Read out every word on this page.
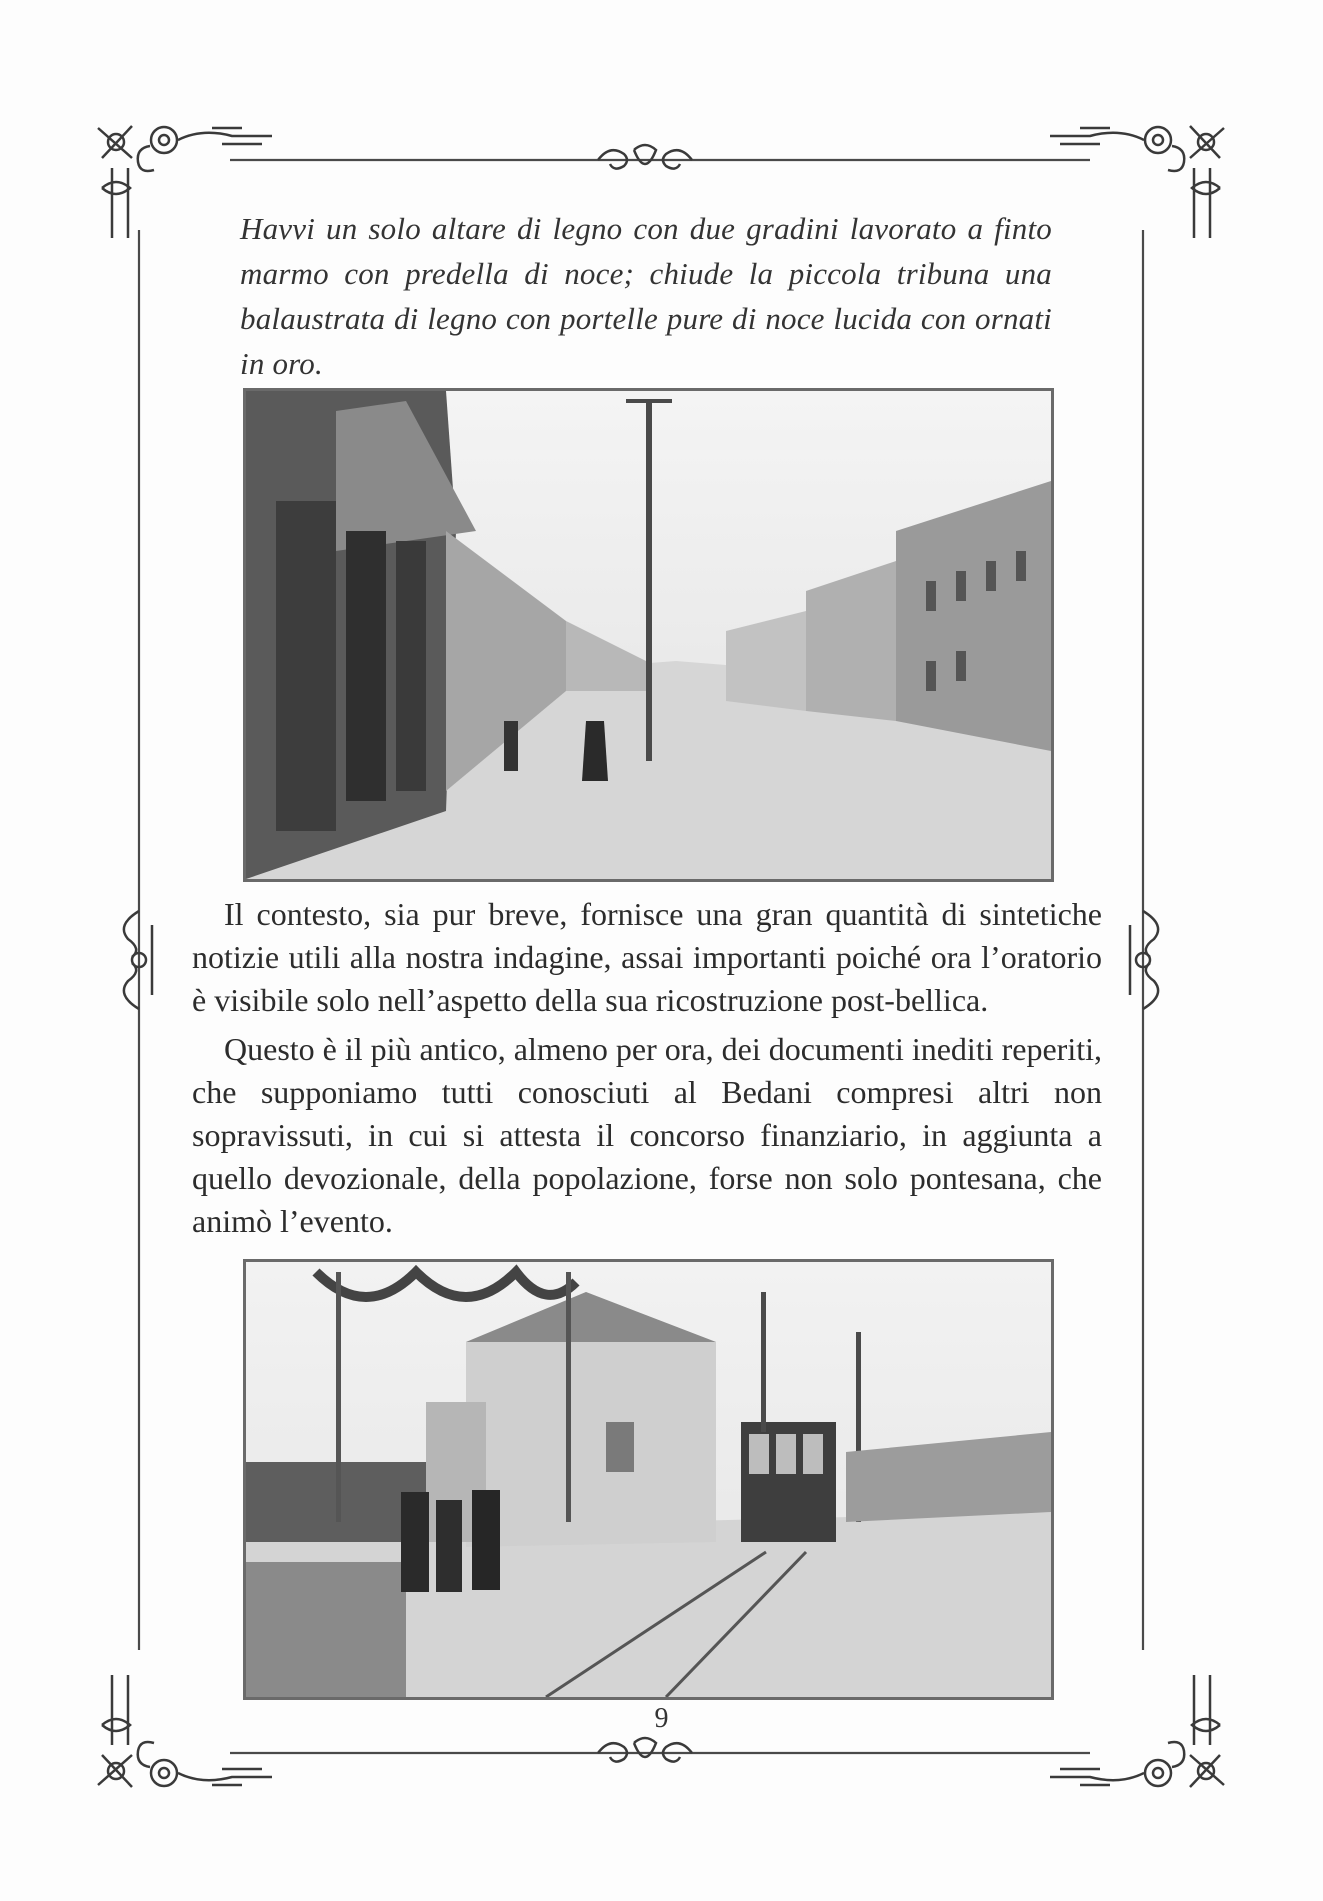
Havvi un solo altare di legno con due gradini lavorato a finto marmo con predella di noce; chiude la piccola tribuna una balaustrata di legno con portelle pure di noce lucida con ornati in oro.

Il contesto, sia pur breve, fornisce una gran quantità di sintetiche notizie utili alla nostra indagine, assai importanti poiché ora l’oratorio è visibile solo nell’aspetto della sua ricostruzione post-bellica.

Questo è il più antico, almeno per ora, dei documenti inediti reperiti, che supponiamo tutti conosciuti al Bedani compresi altri non sopravissuti, in cui si attesta il concorso finanziario, in aggiunta a quello devozionale, della popolazione, forse non solo pontesana, che animò l’evento.

9
